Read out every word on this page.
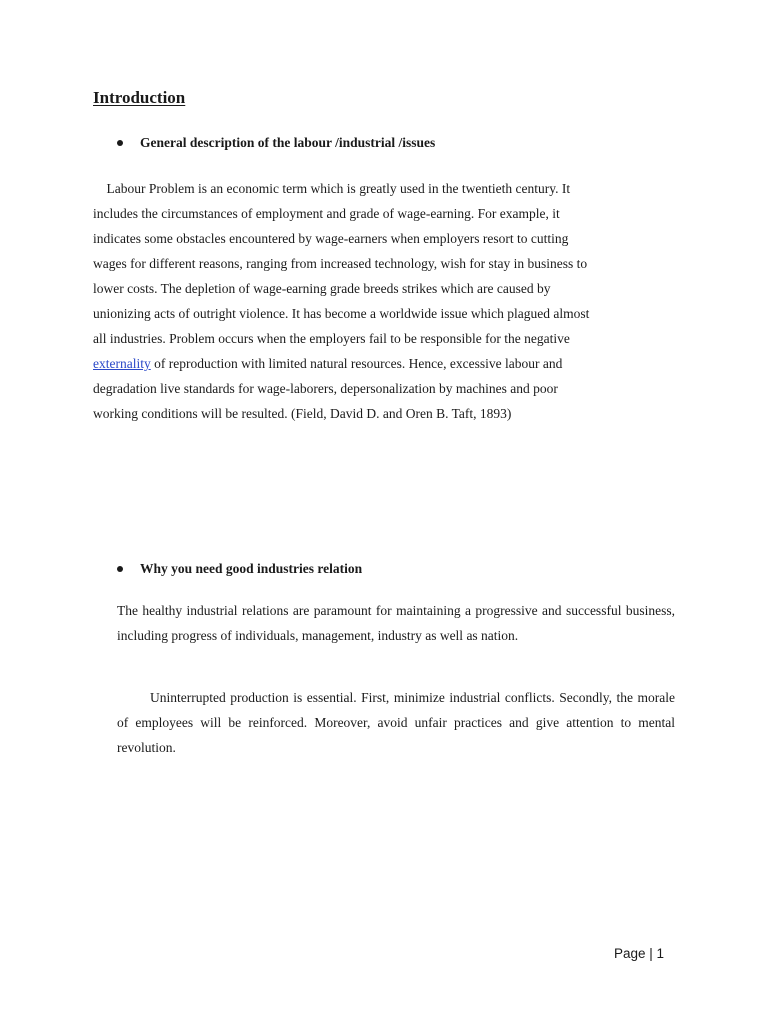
Introduction
General description of the labour /industrial /issues

Labour Problem is an economic term which is greatly used in the twentieth century. It
includes the circumstances of employment and grade of wage-earning. For example, it
indicates some obstacles encountered by wage-earners when employers resort to cutting
wages for different reasons, ranging from increased technology, wish for stay in business to
lower costs. The depletion of wage-earning grade breeds strikes which are caused by
unionizing acts of outright violence. It has become a worldwide issue which plagued almost
all industries. Problem occurs when the employers fail to be responsible for the negative
externality of reproduction with limited natural resources. Hence, excessive labour and
degradation live standards for wage-laborers, depersonalization by machines and poor
working conditions will be resulted. (Field, David D. and Oren B. Taft, 1893)

Why you need good industries relation

The healthy industrial relations are paramount for maintaining a progressive and successful business, including progress of individuals, management, industry as well as nation.

Uninterrupted production is essential. First, minimize industrial conflicts. Secondly, the morale of employees will be reinforced. Moreover, avoid unfair practices and give attention to mental revolution.

Page | 1
